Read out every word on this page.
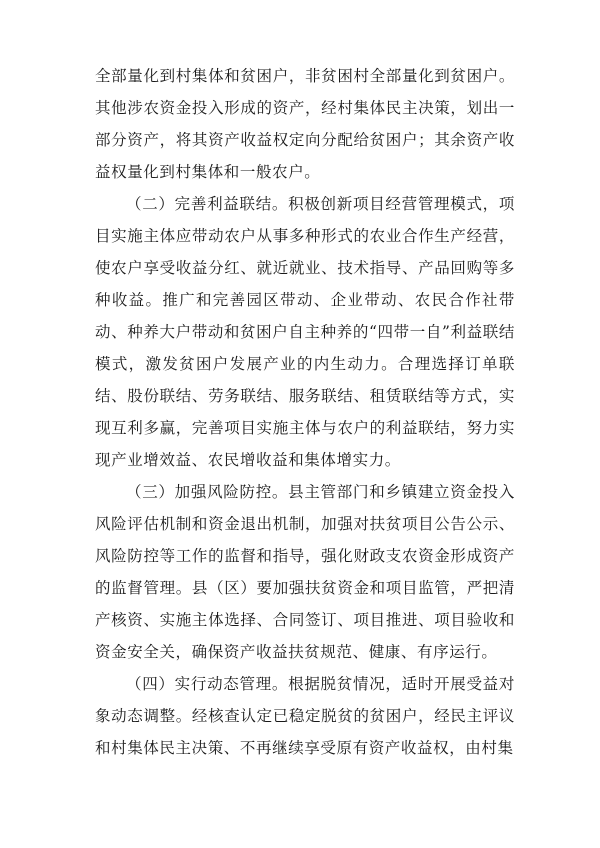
全部量化到村集体和贫困户，非贫困村全部量化到贫困户。其他涉农资金投入形成的资产，经村集体民主决策，划出一部分资产，将其资产收益权定向分配给贫困户；其余资产收益权量化到村集体和一般农户。

（二）完善利益联结。积极创新项目经营管理模式，项目实施主体应带动农户从事多种形式的农业合作生产经营，使农户享受收益分红、就近就业、技术指导、产品回购等多种收益。推广和完善园区带动、企业带动、农民合作社带动、种养大户带动和贫困户自主种养的“四带一自”利益联结模式，激发贫困户发展产业的内生动力。合理选择订单联结、股份联结、劳务联结、服务联结、租赁联结等方式，实现互利多赢，完善项目实施主体与农户的利益联结，努力实现产业增效益、农民增收益和集体增实力。

（三）加强风险防控。县主管部门和乡镇建立资金投入风险评估机制和资金退出机制，加强对扶贫项目公告公示、风险防控等工作的监督和指导，强化财政支农资金形成资产的监督管理。县（区）要加强扶贫资金和项目监管，严把清产核资、实施主体选择、合同签订、项目推进、项目验收和资金安全关，确保资产收益扶贫规范、健康、有序运行。

（四）实行动态管理。根据脱贫情况，适时开展受益对象动态调整。经核查认定已稳定脱贫的贫困户，经民主评议和村集体民主决策、不再继续享受原有资产收益权，由村集
